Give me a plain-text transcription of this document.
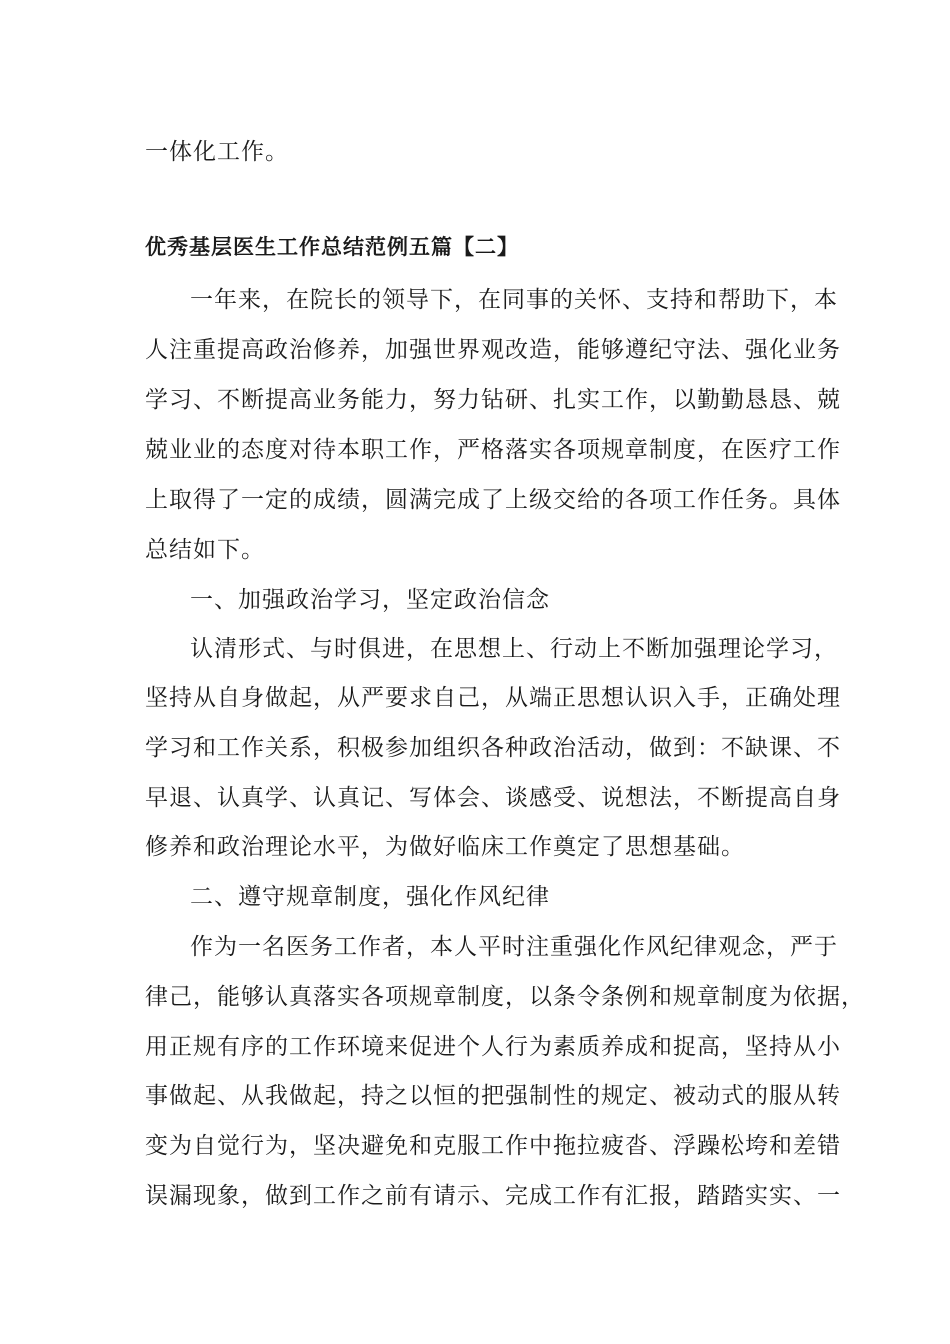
一体化工作。
优秀基层医生工作总结范例五篇【二】
一年来，在院长的领导下，在同事的关怀、支持和帮助下，本
人注重提高政治修养，加强世界观改造，能够遵纪守法、强化业务
学习、不断提高业务能力，努力钻研、扎实工作，以勤勤恳恳、兢
兢业业的态度对待本职工作，严格落实各项规章制度，在医疗工作
上取得了一定的成绩，圆满完成了上级交给的各项工作任务。具体
总结如下。
一、加强政治学习，坚定政治信念
认清形式、与时俱进，在思想上、行动上不断加强理论学习，
坚持从自身做起，从严要求自己，从端正思想认识入手，正确处理
学习和工作关系，积极参加组织各种政治活动，做到：不缺课、不
早退、认真学、认真记、写体会、谈感受、说想法，不断提高自身
修养和政治理论水平，为做好临床工作奠定了思想基础。
二、遵守规章制度，强化作风纪律
作为一名医务工作者，本人平时注重强化作风纪律观念，严于
律己，能够认真落实各项规章制度，以条令条例和规章制度为依据，
用正规有序的工作环境来促进个人行为素质养成和捉高，坚持从小
事做起、从我做起，持之以恒的把强制性的规定、被动式的服从转
变为自觉行为，坚决避免和克服工作中拖拉疲沓、浮躁松垮和差错
误漏现象，做到工作之前有请示、完成工作有汇报，踏踏实实、一
